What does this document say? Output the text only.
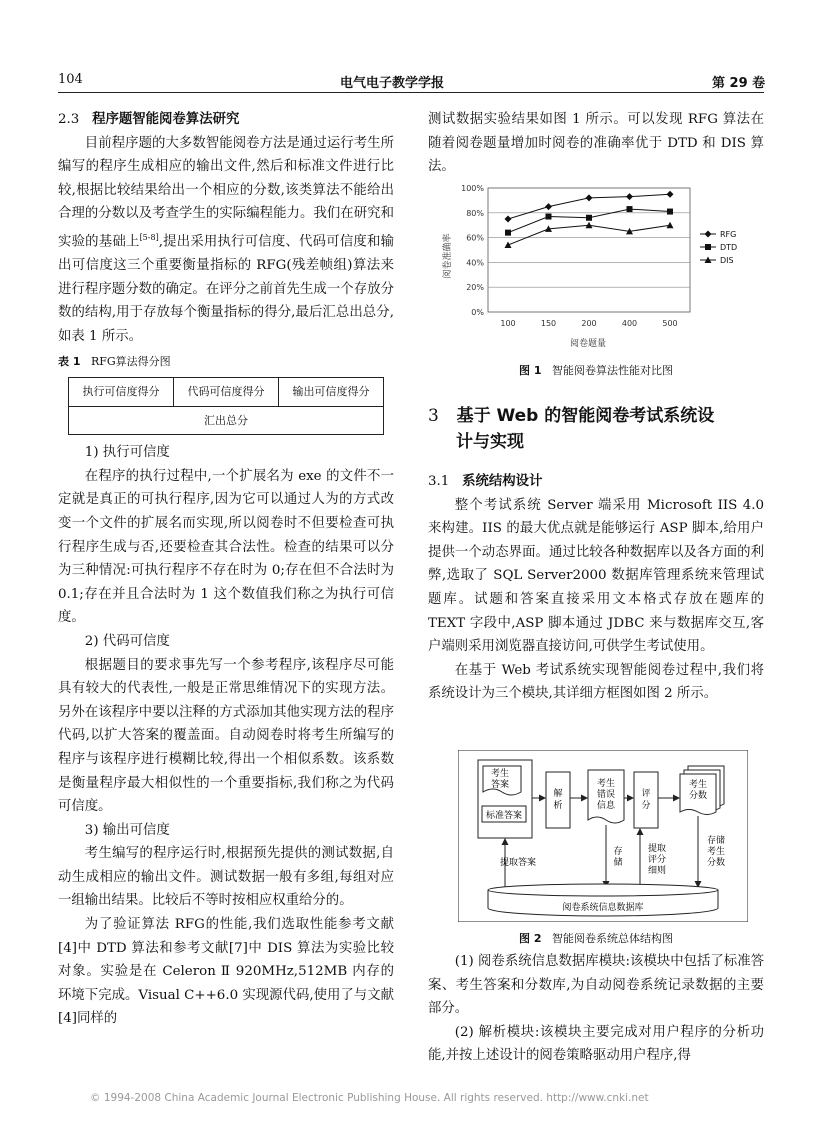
104	电气电子教学学报	第 29 卷

2.3 程序题智能阅卷算法研究

目前程序题的大多数智能阅卷方法是通过运行考生所编写的程序生成相应的输出文件,然后和标准文件进行比较,根据比较结果给出一个相应的分数,该类算法不能给出合理的分数以及考查学生的实际编程能力。我们在研究和实验的基础上[5-8],提出采用执行可信度、代码可信度和输出可信度这三个重要衡量指标的 RFG(残差帧组)算法来进行程序题分数的确定。在评分之前首先生成一个存放分数的结构,用于存放每个衡量指标的得分,最后汇总出总分,如表 1 所示。

表 1 RFG算法得分图

执行可信度得分	代码可信度得分	输出可信度得分
汇出总分

1) 执行可信度

在程序的执行过程中,一个扩展名为 exe 的文件不一定就是真正的可执行程序,因为它可以通过人为的方式改变一个文件的扩展名而实现,所以阅卷时不但要检查可执行程序生成与否,还要检查其合法性。检查的结果可以分为三种情况:可执行程序不存在时为 0;存在但不合法时为 0.1;存在并且合法时为 1 这个数值我们称之为执行可信度。

2) 代码可信度

根据题目的要求事先写一个参考程序,该程序尽可能具有较大的代表性,一般是正常思维情况下的实现方法。另外在该程序中要以注释的方式添加其他实现方法的程序代码,以扩大答案的覆盖面。自动阅卷时将考生所编写的程序与该程序进行模糊比较,得出一个相似系数。该系数是衡量程序最大相似性的一个重要指标,我们称之为代码可信度。

3) 输出可信度

考生编写的程序运行时,根据预先提供的测试数据,自动生成相应的输出文件。测试数据一般有多组,每组对应一组输出结果。比较后不等时按相应权重给分的。

为了验证算法 RFG的性能,我们选取性能参考文献[4]中 DTD 算法和参考文献[7]中 DIS 算法为实验比较对象。实验是在 Celeron Ⅱ 920MHz,512MB 内存的环境下完成。Visual C++6.0 实现源代码,使用了与文献[4]同样的

测试数据实验结果如图 1 所示。可以发现 RFG 算法在随着阅卷题量增加时阅卷的准确率优于 DTD 和 DIS 算法。

0%
20%
40%
60%
80%
100%
100	150	200	400	500
RFG
DTD
DIS
阅卷准确率
阅卷题量

图 1 智能阅卷算法性能对比图

3 基于 Web 的智能阅卷考试系统设
计与实现

3.1 系统结构设计

整个考试系统 Server 端采用 Microsoft IIS 4.0 来构建。IIS 的最大优点就是能够运行 ASP 脚本,给用户提供一个动态界面。通过比较各种数据库以及各方面的利弊,选取了 SQL Server2000 数据库管理系统来管理试题库。试题和答案直接采用文本格式存放在题库的 TEXT 字段中,ASP 脚本通过 JDBC 来与数据库交互,客户端则采用浏览器直接访问,可供学生考试使用。

在基于 Web 考试系统实现智能阅卷过程中,我们将系统设计为三个模块,其详细方框图如图 2 所示。

考生
答案
标准答案
解
析
考生
错误
信息
评
分
考生
分数
提取答案
存
储
提取
评分
细则
存储
考生
分数
阅卷系统信息数据库

图 2 智能阅卷系统总体结构图

(1) 阅卷系统信息数据库模块:该模块中包括了标准答案、考生答案和分数库,为自动阅卷系统记录数据的主要部分。

(2) 解析模块:该模块主要完成对用户程序的分析功能,并按上述设计的阅卷策略驱动用户程序,得

© 1994-2008 China Academic Journal Electronic Publishing House. All rights reserved. http://www.cnki.net
